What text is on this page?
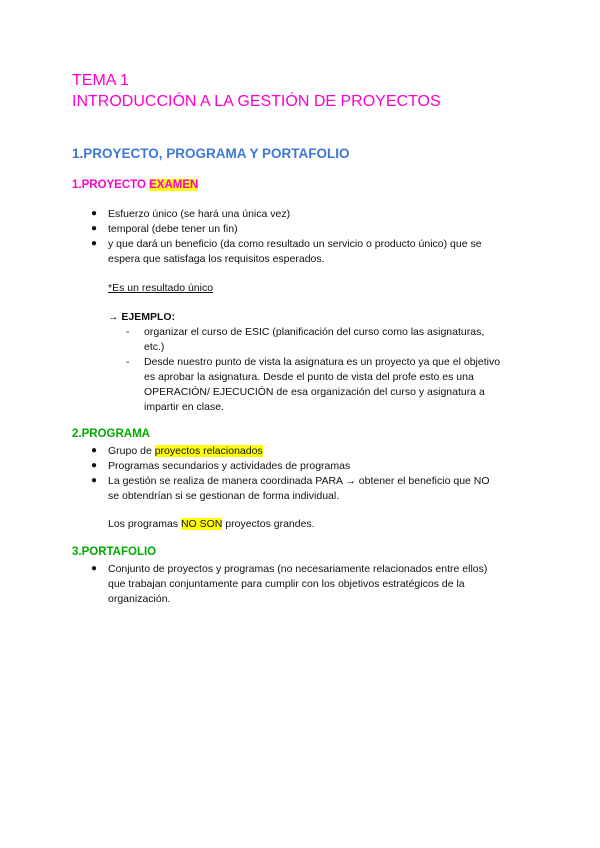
TEMA 1
INTRODUCCIÓN A LA GESTIÓN DE PROYECTOS
1.PROYECTO, PROGRAMA Y PORTAFOLIO
1.PROYECTO EXAMEN
● Esfuerzo único (se hará una única vez)
● temporal (debe tener un fin)
● y que dará un beneficio (da como resultado un servicio o producto único) que se
espera que satisfaga los requisitos esperados.
*Es un resultado único
→ EJEMPLO:
- organizar el curso de ESIC (planificación del curso como las asignaturas,
etc.)
- Desde nuestro punto de vista la asignatura es un proyecto ya que el objetivo
es aprobar la asignatura. Desde el punto de vista del profe esto es una
OPERACIÓN/ EJECUCIÓN de esa organización del curso y asignatura a
impartir en clase.
2.PROGRAMA
● Grupo de proyectos relacionados
● Programas secundarios y actividades de programas
● La gestión se realiza de manera coordinada PARA → obtener el beneficio que NO
se obtendrían si se gestionan de forma individual.
Los programas NO SON proyectos grandes.
3.PORTAFOLIO
● Conjunto de proyectos y programas (no necesariamente relacionados entre ellos)
que trabajan conjuntamente para cumplir con los objetivos estratégicos de la
organización.
